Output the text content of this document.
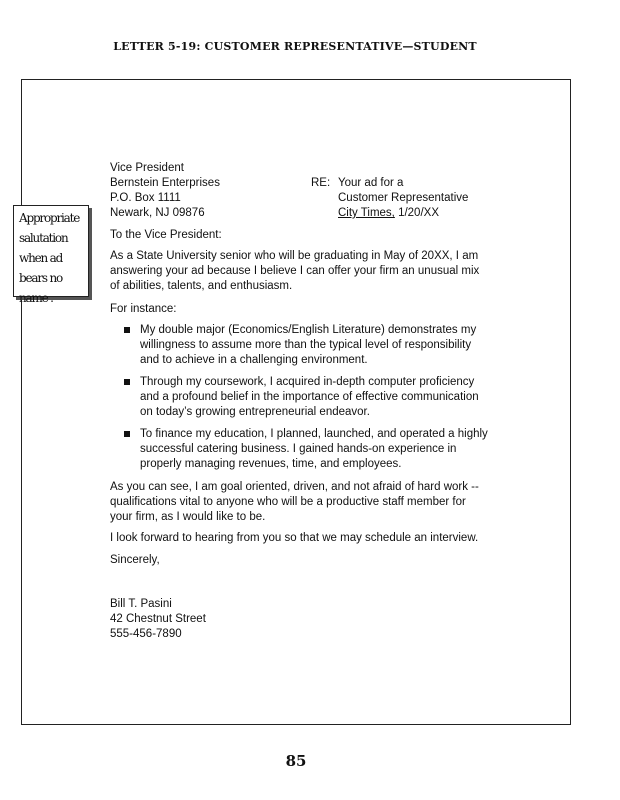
LETTER 5-19: CUSTOMER REPRESENTATIVE—STUDENT
Vice President
Bernstein Enterprises
P.O. Box 1111
Newark, NJ 09876
RE: Your ad for a
Customer Representative
City Times, 1/20/XX
Appropriate
salutation
when ad
bears no
name .
To the Vice President:
As a State University senior who will be graduating in May of 20XX, I am
answering your ad because I believe I can offer your firm an unusual mix
of abilities, talents, and enthusiasm.
For instance:
My double major (Economics/English Literature) demonstrates my
willingness to assume more than the typical level of responsibility
and to achieve in a challenging environment.
Through my coursework, I acquired in-depth computer proficiency
and a profound belief in the importance of effective communication
on today’s growing entrepreneurial endeavor.
To finance my education, I planned, launched, and operated a highly
successful catering business. I gained hands-on experience in
properly managing revenues, time, and employees.
As you can see, I am goal oriented, driven, and not afraid of hard work --
qualifications vital to anyone who will be a productive staff member for
your firm, as I would like to be.
I look forward to hearing from you so that we may schedule an interview.
Sincerely,
Bill T. Pasini
42 Chestnut Street
555-456-7890
85
